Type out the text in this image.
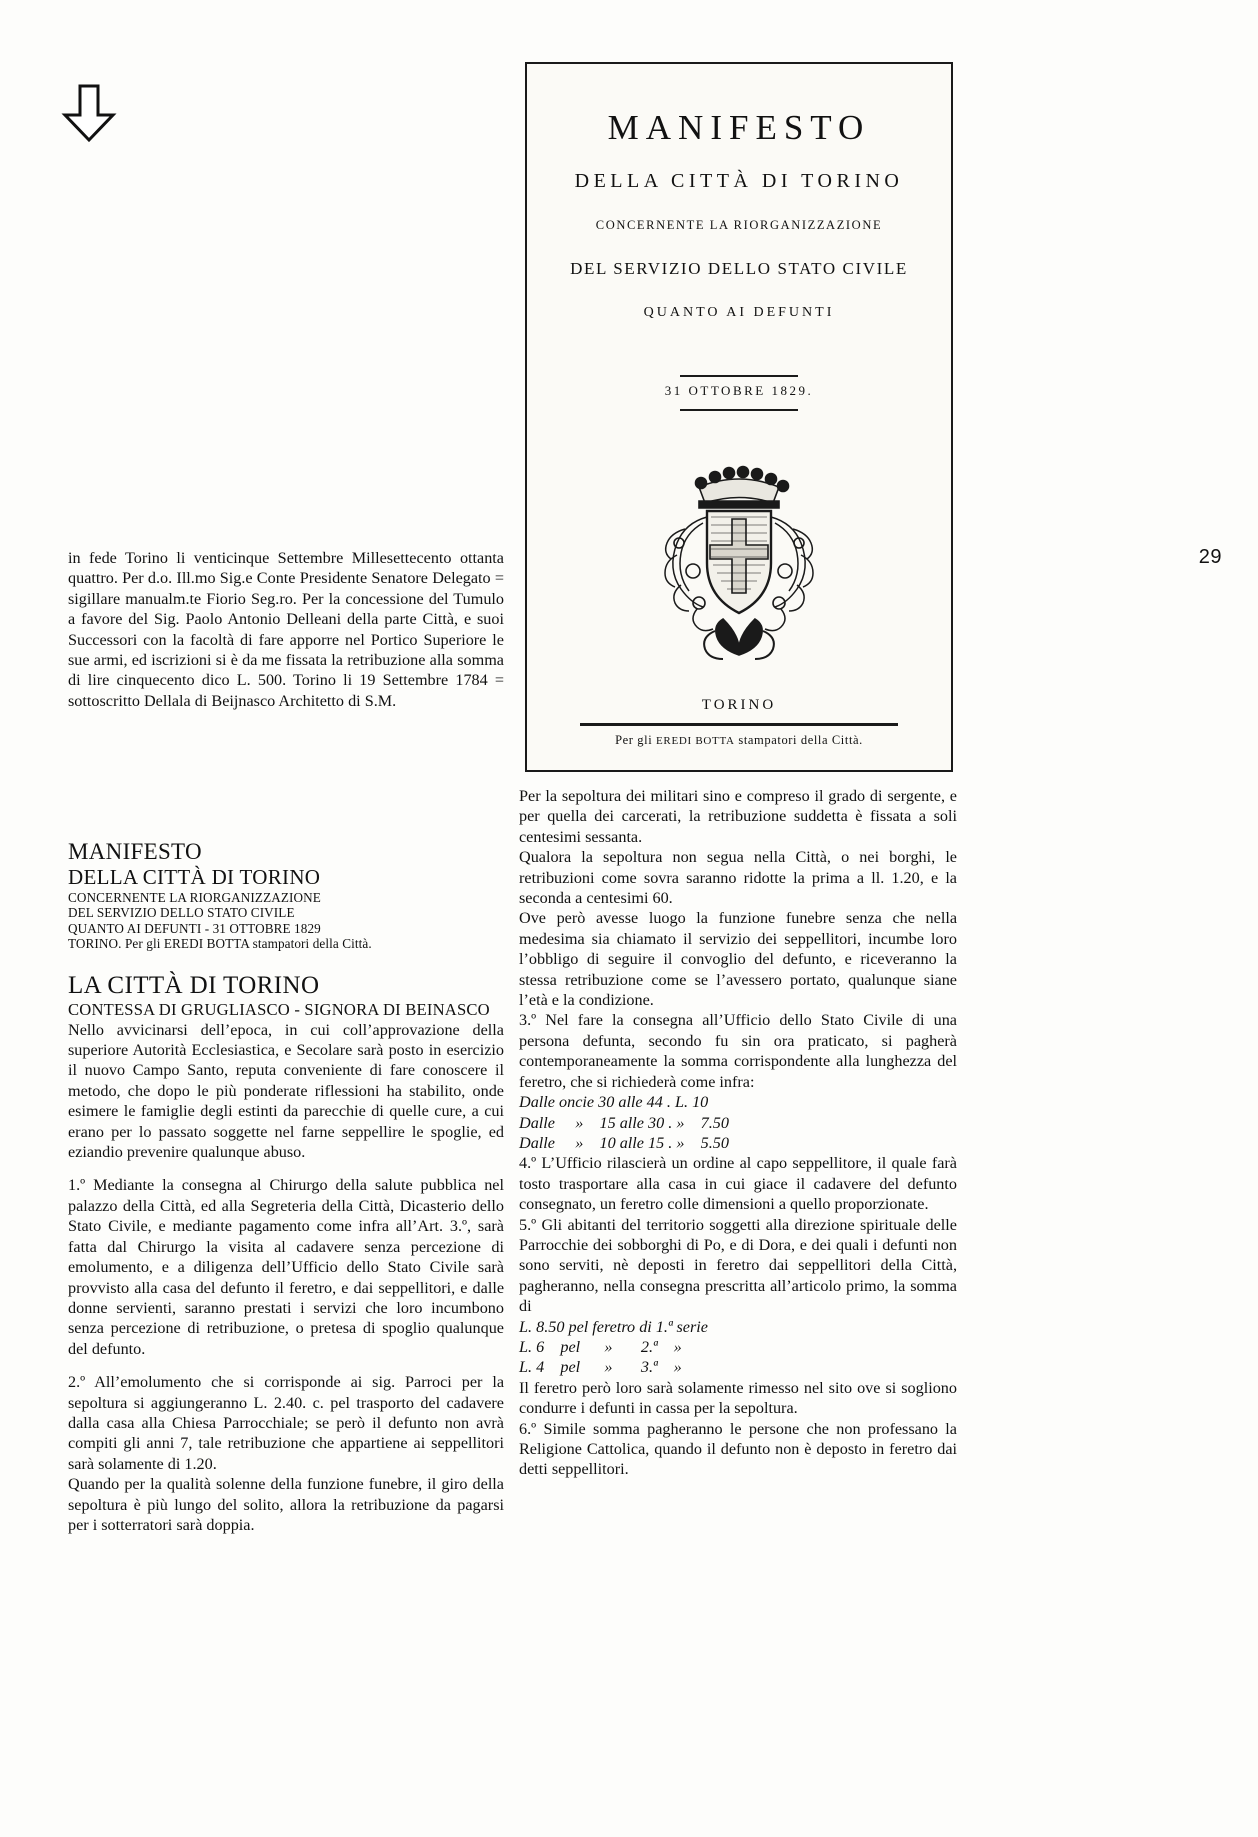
29
MANIFESTO
DELLA CITTÀ DI TORINO
CONCERNENTE LA RIORGANIZZAZIONE
DEL SERVIZIO DELLO STATO CIVILE
QUANTO AI DEFUNTI
31 OTTOBRE 1829.
TORINO
Per gli EREDI BOTTA stampatori della Città.

in fede Torino li venticinque Settembre Millesettecento ottanta quattro. Per d.o. Ill.mo Sig.e Conte Presidente Senatore Delegato = sigillare manualm.te Fiorio Seg.ro. Per la concessione del Tumulo a favore del Sig. Paolo Antonio Delleani della parte Città, e suoi Successori con la facoltà di fare apporre nel Portico Superiore le sue armi, ed iscrizioni si è da me fissata la retribuzione alla somma di lire cinquecento dico L. 500. Torino li 19 Settembre 1784 = sottoscritto Dellala di Beijnasco Architetto di S.M.

MANIFESTO

DELLA CITTÀ DI TORINO

CONCERNENTE LA RIORGANIZZAZIONE

DEL SERVIZIO DELLO STATO CIVILE

QUANTO AI DEFUNTI - 31 OTTOBRE 1829

TORINO. Per gli EREDI BOTTA stampatori della Città.

LA CITTÀ DI TORINO

CONTESSA DI GRUGLIASCO - SIGNORA DI BEINASCO

Nello avvicinarsi dell’epoca, in cui coll’approvazione della superiore Autorità Ecclesiastica, e Secolare sarà posto in esercizio il nuovo Campo Santo, reputa conveniente di fare conoscere il metodo, che dopo le più ponderate riflessioni ha stabilito, onde esimere le famiglie degli estinti da parecchie di quelle cure, a cui erano per lo passato soggette nel farne seppellire le spoglie, ed eziandio prevenire qualunque abuso.

1.º Mediante la consegna al Chirurgo della salute pubblica nel palazzo della Città, ed alla Segreteria della Città, Dicasterio dello Stato Civile, e mediante pagamento come infra all’Art. 3.º, sarà fatta dal Chirurgo la visita al cadavere senza percezione di emolumento, e a diligenza dell’Ufficio dello Stato Civile sarà provvisto alla casa del defunto il feretro, e dai seppellitori, e dalle donne servienti, saranno prestati i servizi che loro incumbono senza percezione di retribuzione, o pretesa di spoglio qualunque del defunto.

2.º All’emolumento che si corrisponde ai sig. Parroci per la sepoltura si aggiungeranno L. 2.40. c. pel trasporto del cadavere dalla casa alla Chiesa Parrocchiale; se però il defunto non avrà compiti gli anni 7, tale retribuzione che appartiene ai seppellitori sarà solamente di 1.20.

Quando per la qualità solenne della funzione funebre, il giro della sepoltura è più lungo del solito, allora la retribuzione da pagarsi per i sotterratori sarà doppia.

Per la sepoltura dei militari sino e compreso il grado di sergente, e per quella dei carcerati, la retribuzione suddetta è fissata a soli centesimi sessanta.

Qualora la sepoltura non segua nella Città, o nei borghi, le retribuzioni come sovra saranno ridotte la prima a ll. 1.20, e la seconda a centesimi 60.

Ove però avesse luogo la funzione funebre senza che nella medesima sia chiamato il servizio dei seppellitori, incumbe loro l’obbligo di seguire il convoglio del defunto, e riceveranno la stessa retribuzione come se l’avessero portato, qualunque siane l’età e la condizione.

3.º Nel fare la consegna all’Ufficio dello Stato Civile di una persona defunta, secondo fu sin ora praticato, si pagherà contemporaneamente la somma corrispondente alla lunghezza del feretro, che si richiederà come infra:

Dalle oncie 30 alle 44 . L. 10

Dalle     »    15 alle 30 . »    7.50

Dalle     »    10 alle 15 . »    5.50

4.º L’Ufficio rilascierà un ordine al capo seppellitore, il quale farà tosto trasportare alla casa in cui giace il cadavere del defunto consegnato, un feretro colle dimensioni a quello proporzionate.

5.º Gli abitanti del territorio soggetti alla direzione spirituale delle Parrocchie dei sobborghi di Po, e di Dora, e dei quali i defunti non sono serviti, nè deposti in feretro dai seppellitori della Città, pagheranno, nella consegna prescritta all’articolo primo, la somma di

L. 8.50 pel feretro di 1.ª serie

L. 6    pel      »       2.ª    »

L. 4    pel      »       3.ª    »

Il feretro però loro sarà solamente rimesso nel sito ove si sogliono condurre i defunti in cassa per la sepoltura.

6.º Simile somma pagheranno le persone che non professano la Religione Cattolica, quando il defunto non è deposto in feretro dai detti seppellitori.
